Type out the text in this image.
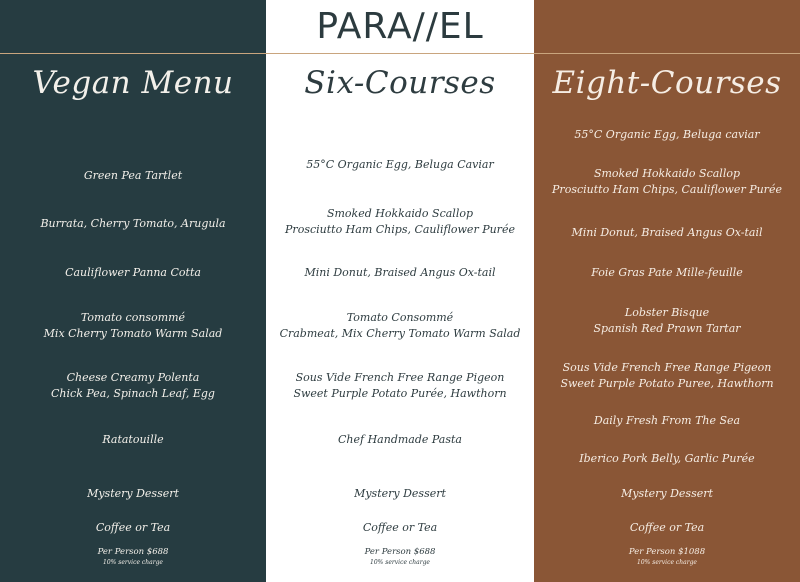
Vegan Menu
Green Pea Tartlet
Burrata, Cherry Tomato, Arugula
Cauliflower Panna Cotta
Tomato consommé
Mix Cherry Tomato Warm Salad
Cheese Creamy Polenta
Chick Pea, Spinach Leaf, Egg
Ratatouille
Mystery Dessert
Coffee or Tea
Per Person $688
10% service charge
Six-Courses
55°C Organic Egg, Beluga Caviar
Smoked Hokkaido Scallop
Prosciutto Ham Chips, Cauliflower Purée
Mini Donut, Braised Angus Ox-tail
Tomato Consommé
Crabmeat, Mix Cherry Tomato Warm Salad
Sous Vide French Free Range Pigeon
Sweet Purple Potato Purée, Hawthorn
Chef Handmade Pasta
Mystery Dessert
Coffee or Tea
Per Person $688
10% service charge
Eight-Courses
55°C Organic Egg, Beluga caviar
Smoked Hokkaido Scallop
Prosciutto Ham Chips, Cauliflower Purée
Mini Donut, Braised Angus Ox-tail
Foie Gras Pate Mille-feuille
Lobster Bisque
Spanish Red Prawn Tartar
Sous Vide French Free Range Pigeon
Sweet Purple Potato Puree, Hawthorn
Daily Fresh From The Sea
Iberico Pork Belly, Garlic Purée
Mystery Dessert
Coffee or Tea
Per Person $1088
10% service charge
PARA//EL
